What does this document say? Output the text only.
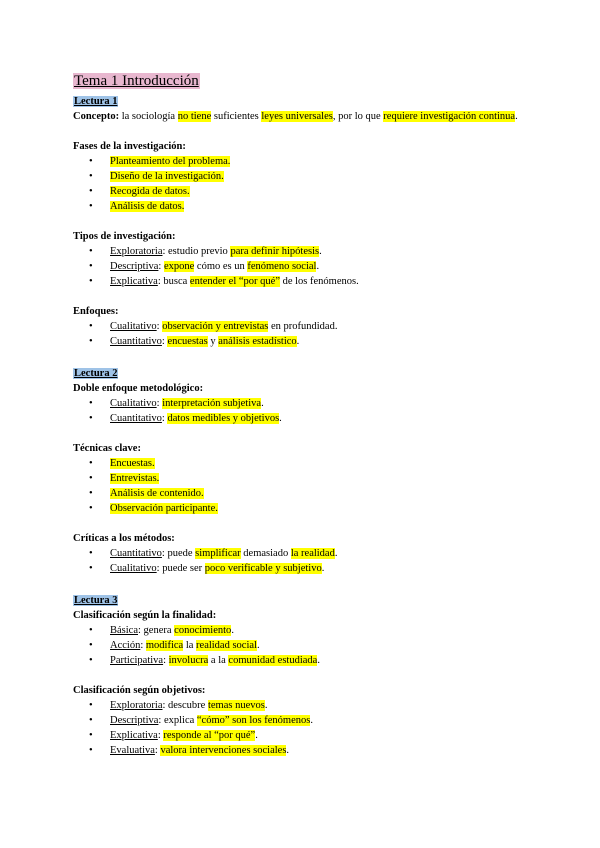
Tema 1 Introducción
Lectura 1

Concepto: la sociología no tiene suficientes leyes universales, por lo que requiere investigación continua.

Fases de la investigación:
• Planteamiento del problema.
• Diseño de la investigación.
• Recogida de datos.
• Análisis de datos.
Tipos de investigación:
• Exploratoria: estudio previo para definir hipótesis.
• Descriptiva: expone cómo es un fenómeno social.
• Explicativa: busca entender el “por qué” de los fenómenos.
Enfoques:
• Cualitativo: observación y entrevistas en profundidad.
• Cuantitativo: encuestas y análisis estadístico.
Lectura 2
Doble enfoque metodológico:
• Cualitativo: interpretación subjetiva.
• Cuantitativo: datos medibles y objetivos.
Técnicas clave:
• Encuestas.
• Entrevistas.
• Análisis de contenido.
• Observación participante.
Críticas a los métodos:
• Cuantitativo: puede simplificar demasiado la realidad.
• Cualitativo: puede ser poco verificable y subjetivo.
Lectura 3
Clasificación según la finalidad:
• Básica: genera conocimiento.
• Acción: modifica la realidad social.
• Participativa: involucra a la comunidad estudiada.
Clasificación según objetivos:
• Exploratoria: descubre temas nuevos.
• Descriptiva: explica “cómo” son los fenómenos.
• Explicativa: responde al “por qué”.
• Evaluativa: valora intervenciones sociales.
